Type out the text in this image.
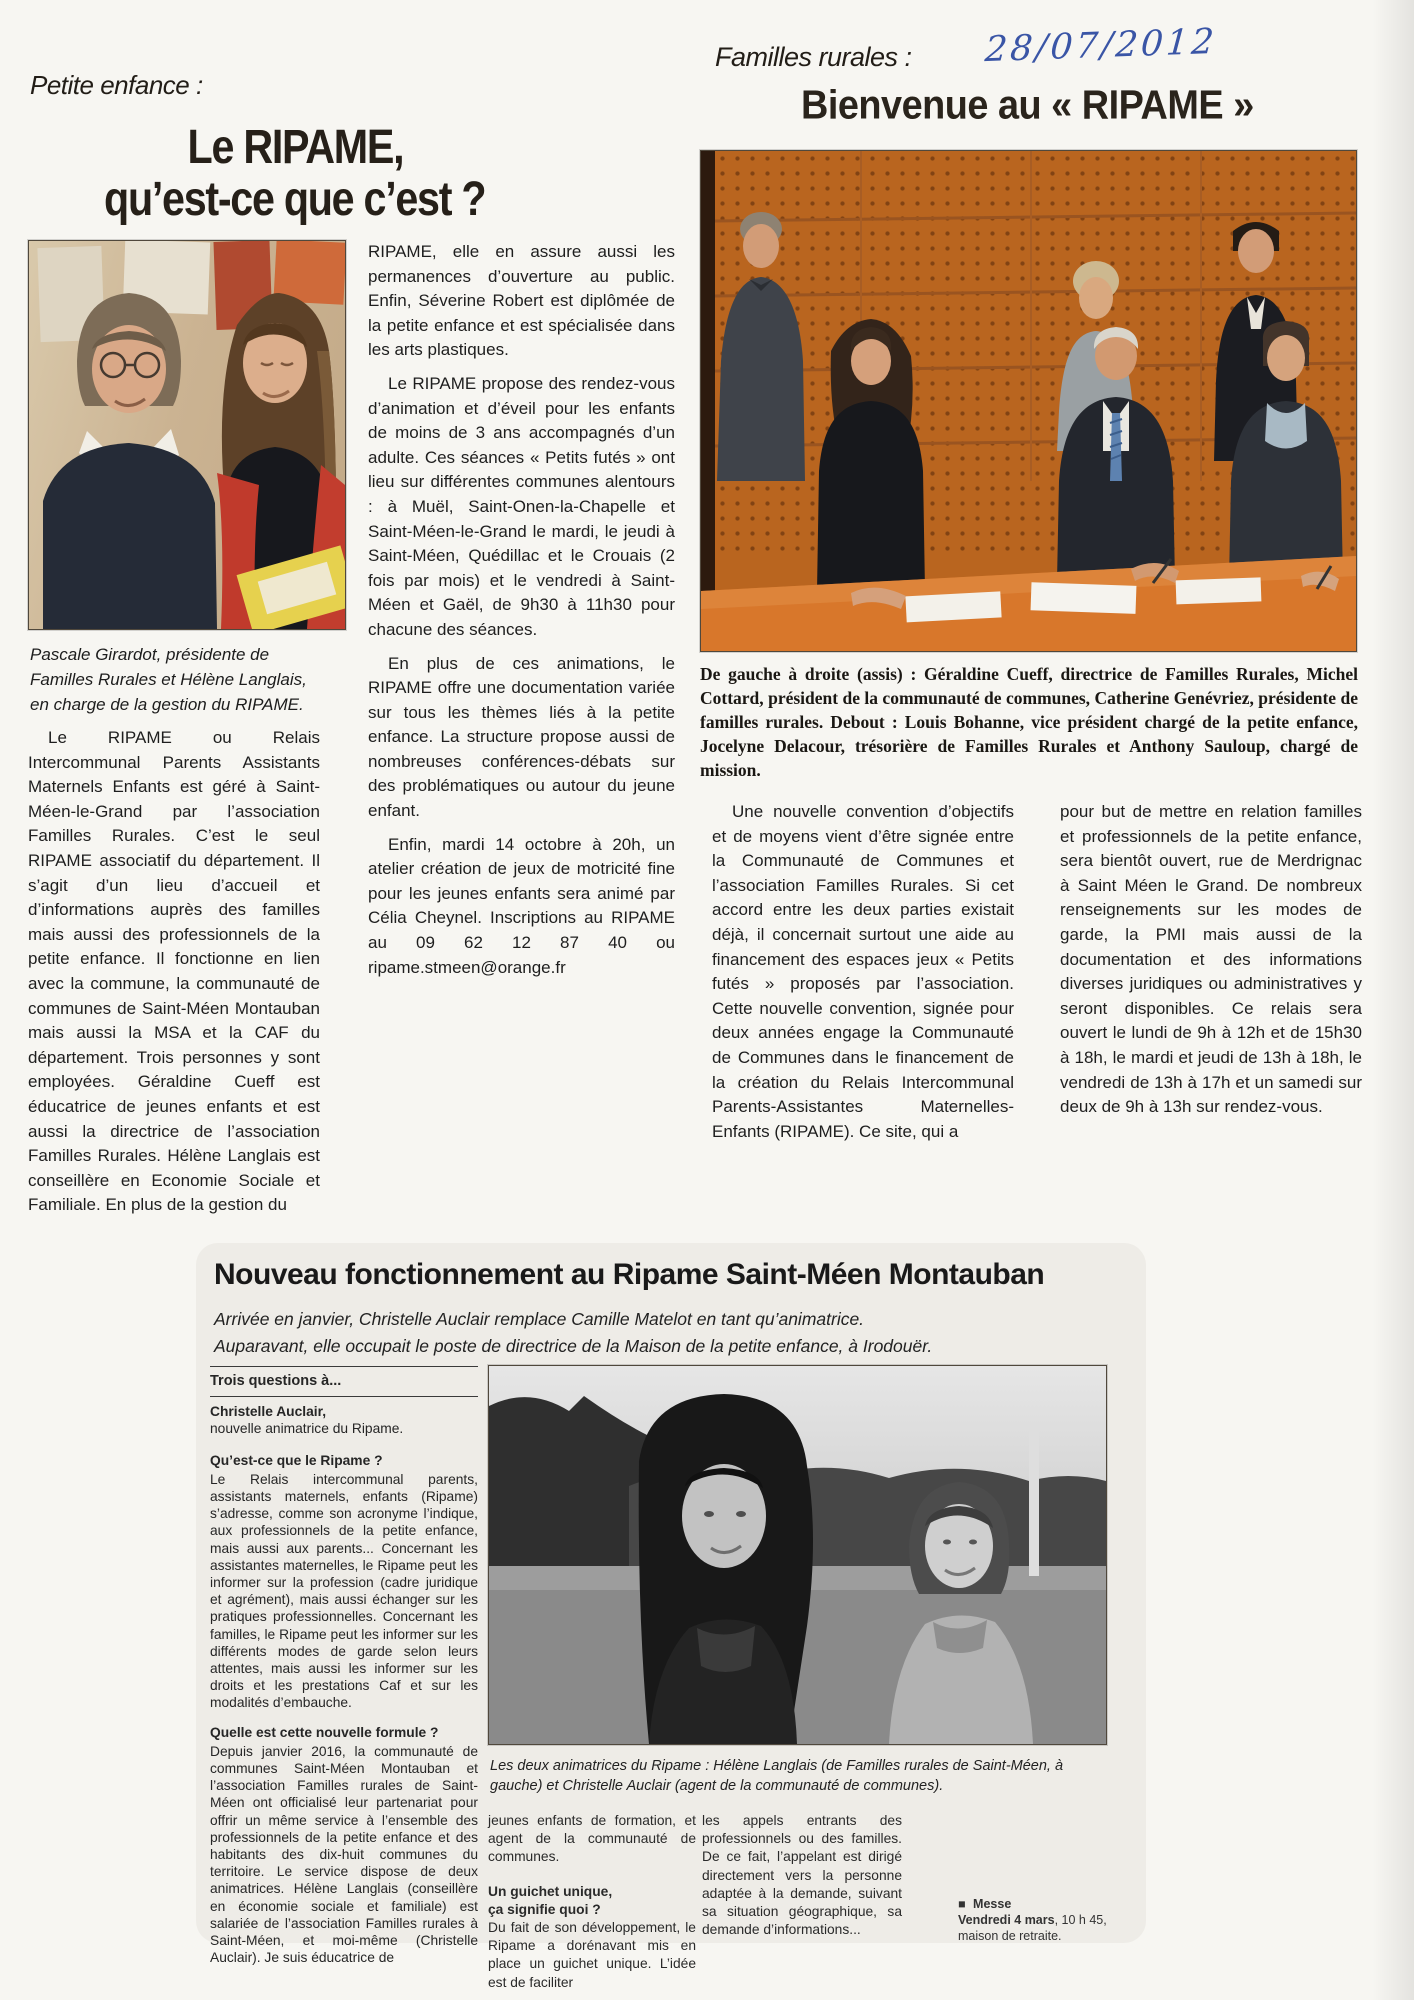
Petite enfance :
Le RIPAME,
qu’est-ce que c’est ?
Pascale Girardot, présidente de Familles Rurales et Hélène Langlais, en charge de la gestion du RIPAME.

Le RIPAME ou Relais Intercommunal Parents Assistants Maternels Enfants est géré à Saint-Méen-le-Grand par l’association Familles Rurales. C’est le seul RIPAME associatif du département. Il s’agit d’un lieu d’accueil et d’informations auprès des familles mais aussi des professionnels de la petite enfance. Il fonctionne en lien avec la commune, la communauté de communes de Saint-Méen Montauban mais aussi la MSA et la CAF du département. Trois personnes y sont employées. Géraldine Cueff est éducatrice de jeunes enfants et est aussi la directrice de l’association Familles Rurales. Hélène Langlais est conseillère en Economie Sociale et Familiale. En plus de la gestion du

RIPAME, elle en assure aussi les permanences d’ouverture au public. Enfin, Séverine Robert est diplômée de la petite enfance et est spécialisée dans les arts plastiques.

Le RIPAME propose des rendez-vous d’animation et d’éveil pour les enfants de moins de 3 ans accompagnés d’un adulte. Ces séances « Petits futés » ont lieu sur différentes communes alentours : à Muël, Saint-Onen-la-Chapelle et Saint-Méen-le-Grand le mardi, le jeudi à Saint-Méen, Quédillac et le Crouais (2 fois par mois) et le vendredi à Saint-Méen et Gaël, de 9h30 à 11h30 pour chacune des séances.

En plus de ces animations, le RIPAME offre une documentation variée sur tous les thèmes liés à la petite enfance. La structure propose aussi de nombreuses conférences-débats sur des problématiques ou autour du jeune enfant.

Enfin, mardi 14 octobre à 20h, un atelier création de jeux de motricité fine pour les jeunes enfants sera animé par Célia Cheynel. Inscriptions au RIPAME au 09 62 12 87 40 ou ripame.stmeen@orange.fr

Familles rurales : 28/07/2012
Bienvenue au « RIPAME »
De gauche à droite (assis) : Géraldine Cueff, directrice de Familles Rurales, Michel Cottard, président de la communauté de communes, Catherine Genévriez, présidente de familles rurales. Debout : Louis Bohanne, vice président chargé de la petite enfance, Jocelyne Delacour, trésorière de Familles Rurales et Anthony Sauloup, chargé de mission.

Une nouvelle convention d’objectifs et de moyens vient d’être signée entre la Communauté de Communes et l’association Familles Rurales. Si cet accord entre les deux parties existait déjà, il concernait surtout une aide au financement des espaces jeux « Petits futés » proposés par l’association. Cette nouvelle convention, signée pour deux années engage la Communauté de Communes dans le financement de la création du Relais Intercommunal Parents-Assistantes Maternelles-Enfants (RIPAME). Ce site, qui a

pour but de mettre en relation familles et professionnels de la petite enfance, sera bientôt ouvert, rue de Merdrignac à Saint Méen le Grand. De nombreux renseignements sur les modes de garde, la PMI mais aussi de la documentation et des informations diverses juridiques ou administratives y seront disponibles. Ce relais sera ouvert le lundi de 9h à 12h et de 15h30 à 18h, le mardi et jeudi de 13h à 18h, le vendredi de 13h à 17h et un samedi sur deux de 9h à 13h sur rendez-vous.

Nouveau fonctionnement au Ripame Saint-Méen Montauban
Arrivée en janvier, Christelle Auclair remplace Camille Matelot en tant qu’animatrice.
Auparavant, elle occupait le poste de directrice de la Maison de la petite enfance, à Irodouër.
Trois questions à...
Christelle Auclair,
nouvelle animatrice du Ripame.
Qu’est-ce que le Ripame ?
Le Relais intercommunal parents, assistants maternels, enfants (Ripame) s’adresse, comme son acronyme l’indique, aux professionnels de la petite enfance, mais aussi aux parents... Concernant les assistantes maternelles, le Ripame peut les informer sur la profession (cadre juridique et agrément), mais aussi échanger sur les pratiques professionnelles. Concernant les familles, le Ripame peut les informer sur les différents modes de garde selon leurs attentes, mais aussi les informer sur les droits et les prestations Caf et sur les modalités d’embauche.
Quelle est cette nouvelle formule ?
Depuis janvier 2016, la communauté de communes Saint-Méen Montauban et l’association Familles rurales de Saint-Méen ont officialisé leur partenariat pour offrir un même service à l’ensemble des professionnels de la petite enfance et des habitants des dix-huit communes du territoire. Le service dispose de deux animatrices. Hélène Langlais (conseillère en économie sociale et familiale) est salariée de l’association Familles rurales à Saint-Méen, et moi-même (Christelle Auclair). Je suis éducatrice de
Les deux animatrices du Ripame : Hélène Langlais (de Familles rurales de Saint-Méen, à gauche) et Christelle Auclair (agent de la communauté de communes).
jeunes enfants de formation, et agent de la communauté de communes.
Un guichet unique,
ça signifie quoi ?
Du fait de son développement, le Ripame a dorénavant mis en place un guichet unique. L’idée est de faciliter
les appels entrants des professionnels ou des familles. De ce fait, l’appelant est dirigé directement vers la personne adaptée à la demande, suivant sa situation géographique, sa demande d’informations...
■ Messe
Vendredi 4 mars, 10 h 45, maison de retraite.
